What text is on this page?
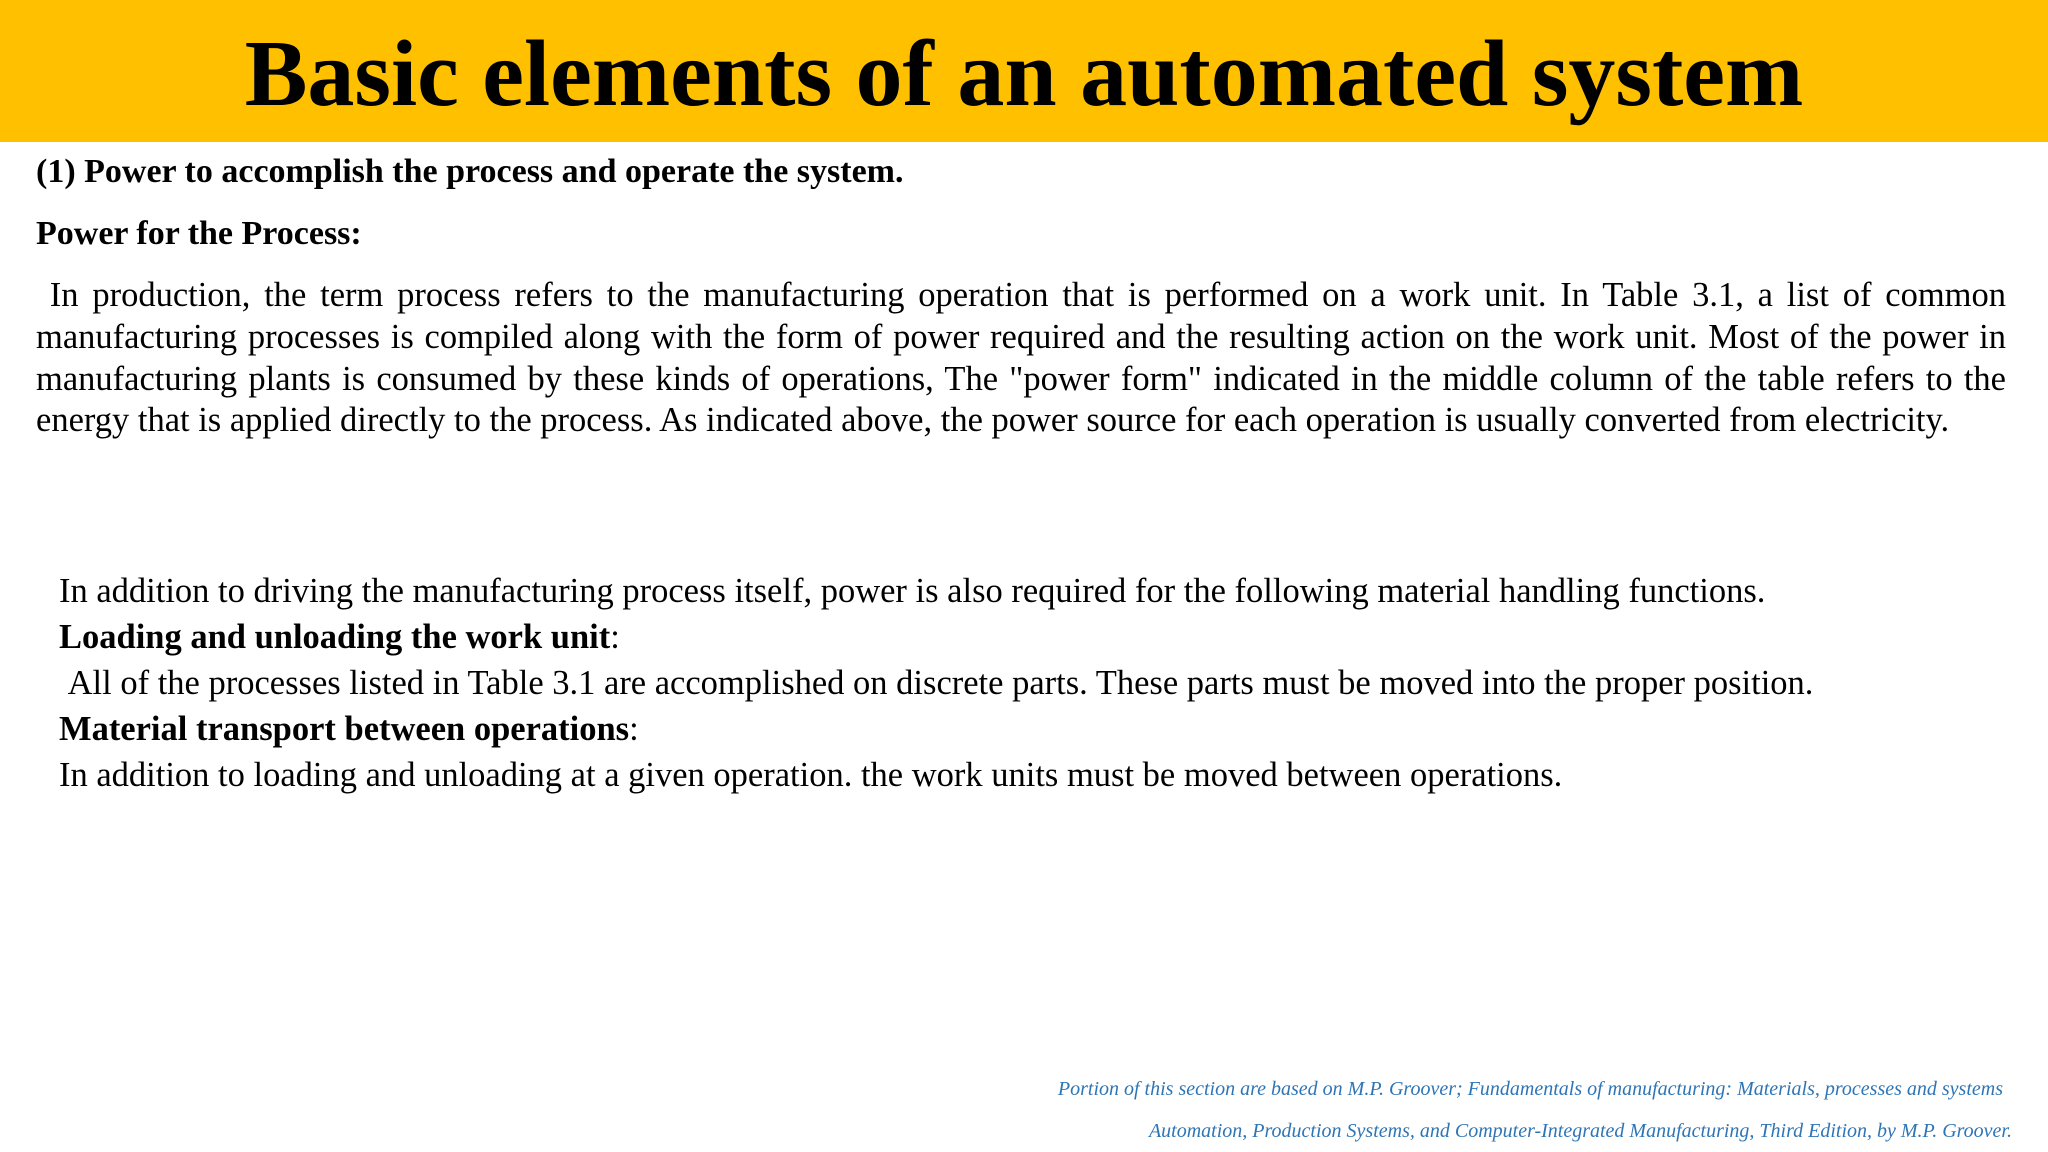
Basic elements of an automated system

(1) Power to accomplish the process and operate the system.

Power for the Process:

In production, the term process refers to the manufacturing operation that is performed on a work unit. In Table 3.1, a list of common manufacturing processes is compiled along with the form of power required and the resulting action on the work unit. Most of the power in manufacturing plants is consumed by these kinds of operations, The "power form" indicated in the middle column of the table refers to the energy that is applied directly to the process. As indicated above, the power source for each operation is usually converted from electricity.

In addition to driving the manufacturing process itself, power is also required for the following material handling functions.

Loading and unloading the work unit:

All of the processes listed in Table 3.1 are accomplished on discrete parts. These parts must be moved into the proper position.

Material transport between operations:

In addition to loading and unloading at a given operation. the work units must be moved between operations.

Portion of this section are based on M.P. Groover; Fundamentals of manufacturing: Materials, processes and systems

Automation, Production Systems, and Computer-Integrated Manufacturing, Third Edition, by M.P. Groover.
